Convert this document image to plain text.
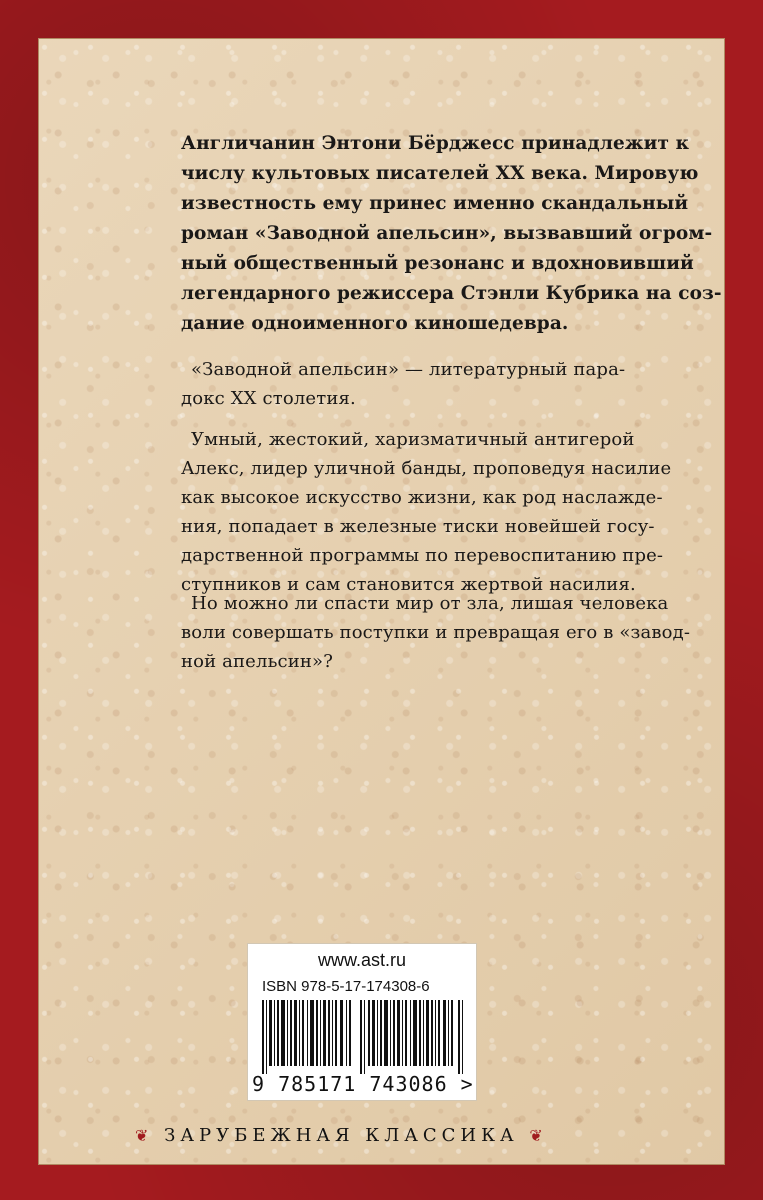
Англичанин Энтони Бёрджесс принадлежит к
числу культовых писателей XX века. Мировую
известность ему принес именно скандальный
роман «Заводной апельсин», вызвавший огром-
ный общественный резонанс и вдохновивший
легендарного режиссера Стэнли Кубрика на соз-
дание одноименного киношедевра.
«Заводной апельсин» — литературный пара-
докс XX столетия.
Умный, жестокий, харизматичный антигерой
Алекс, лидер уличной банды, проповедуя насилие
как высокое искусство жизни, как род наслажде-
ния, попадает в железные тиски новейшей госу-
дарственной программы по перевоспитанию пре-
ступников и сам становится жертвой насилия.
Но можно ли спасти мир от зла, лишая человека
воли совершать поступки и превращая его в «завод-
ной апельсин»?
www.ast.ru
ISBN 978-5-17-174308-6
9 785171 743086 >
❦ ЗАРУБЕЖНАЯ КЛАССИКА ❦
